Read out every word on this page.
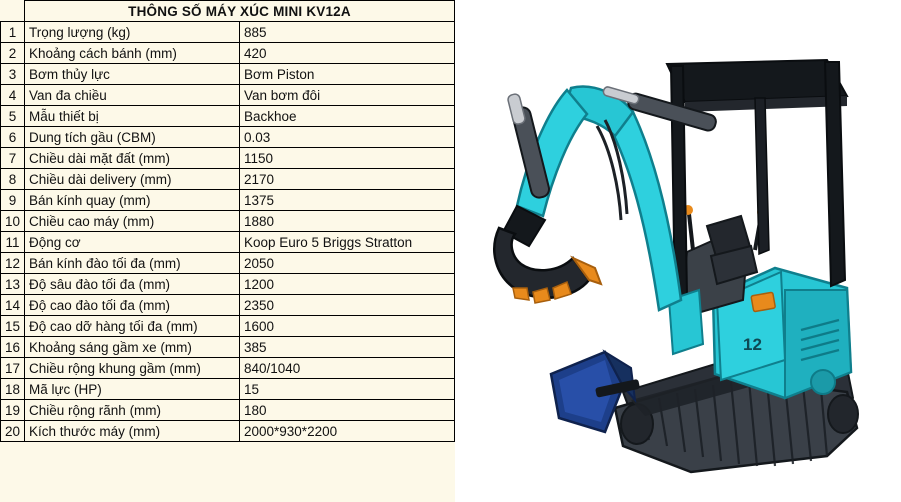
	THÔNG SỐ MÁY XÚC MINI KV12A	
1	Trọng lượng (kg)	885
2	Khoảng cách bánh (mm)	420
3	Bơm thủy lực	Bơm Piston
4	Van đa chiều	Van bơm đôi
5	Mẫu thiết bị	Backhoe
6	Dung tích gầu (CBM)	0.03
7	Chiều dài mặt đất (mm)	1150
8	Chiều dài delivery (mm)	2170
9	Bán kính quay (mm)	1375
10	Chiều cao máy (mm)	1880
11	Động cơ	Koop Euro 5 Briggs Stratton
12	Bán kính đào tối đa (mm)	2050
13	Độ sâu đào tối đa (mm)	1200
14	Độ cao đào tối đa (mm)	2350
15	Độ cao dỡ hàng tối đa (mm)	1600
16	Khoảng sáng gầm xe (mm)	385
17	Chiều rộng khung gầm (mm)	840/1040
18	Mã lực (HP)	15
19	Chiều rộng rãnh (mm)	180
20	Kích thước máy (mm)	2000*930*2200
12
